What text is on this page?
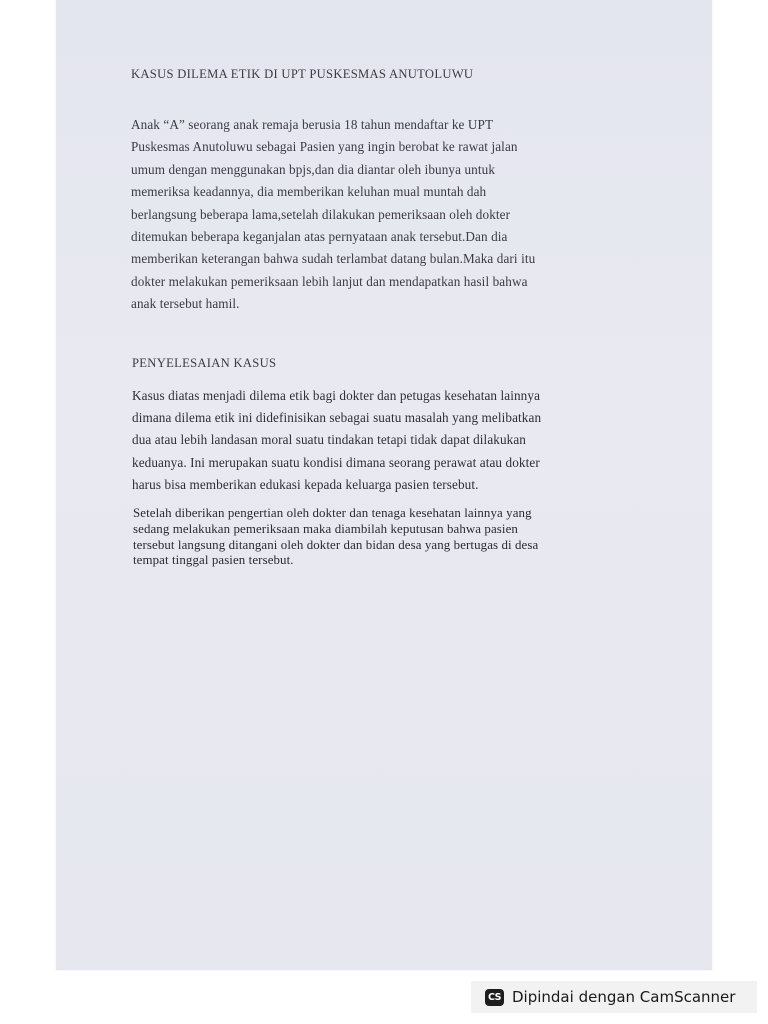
KASUS DILEMA ETIK DI UPT PUSKESMAS ANUTOLUWU
Anak “A” seorang anak remaja berusia 18 tahun mendaftar ke UPT
Puskesmas Anutoluwu sebagai Pasien yang ingin berobat ke rawat jalan
umum dengan menggunakan bpjs,dan dia diantar oleh ibunya untuk
memeriksa keadannya, dia memberikan keluhan mual muntah dah
berlangsung beberapa lama,setelah dilakukan pemeriksaan oleh dokter
ditemukan beberapa keganjalan atas pernyataan anak tersebut.Dan dia
memberikan keterangan bahwa sudah terlambat datang bulan.Maka dari itu
dokter melakukan pemeriksaan lebih lanjut dan mendapatkan hasil bahwa
anak tersebut hamil.
PENYELESAIAN KASUS
Kasus diatas menjadi dilema etik bagi dokter dan petugas kesehatan lainnya
dimana dilema etik ini didefinisikan sebagai suatu masalah yang melibatkan
dua atau lebih landasan moral suatu tindakan tetapi tidak dapat dilakukan
keduanya. Ini merupakan suatu kondisi dimana seorang perawat atau dokter
harus bisa memberikan edukasi kepada keluarga pasien tersebut.
Setelah diberikan pengertian oleh dokter dan tenaga kesehatan lainnya yang
sedang melakukan pemeriksaan maka diambilah keputusan bahwa pasien
tersebut langsung ditangani oleh dokter dan bidan desa yang bertugas di desa
tempat tinggal pasien tersebut.
CS Dipindai dengan CamScanner
